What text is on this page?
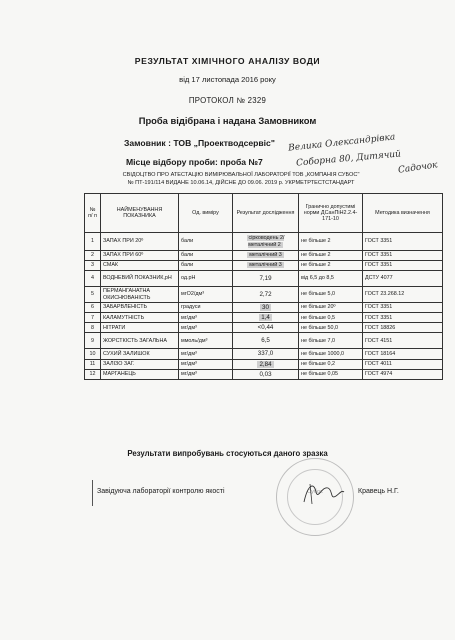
РЕЗУЛЬТАТ ХІМІЧНОГО АНАЛІЗУ ВОДИ
від 17 листопада 2016 року
ПРОТОКОЛ № 2329
Проба відібрана і надана Замовником
Замовник : ТОВ „Проектводсервіс"
Місце відбору проби: проба №7
Велика Олександрівка
Соборна 80, Дитячий
Садочок
СВІДОЦТВО ПРО АТЕСТАЦІЮ ВИМІРЮВАЛЬНОЇ ЛАБОРАТОРІЇ ТОВ „КОМПАНІЯ СУБОС"
№ ПТ-191/114 ВИДАНЕ 10.06.14, ДІЙСНЕ ДО 09.06. 2019 р. УКРМЕТРТЕСТСТАНДАРТ
№ п/ п	НАЙМЕНУВАННЯ ПОКАЗНИКА	Од. виміру	Результат дослідження	Гранично допустимі норми ДСанПіН2.2.4-171-10	Методика визначення
1	ЗАПАХ ПРИ 20º	бали	сірководень 2/ металічний 2	не більше 2	ГОСТ 3351
2	ЗАПАХ ПРИ 60º	бали	металічний 3	не більше 2	ГОСТ 3351
3	СМАК	бали	металічний 3	не більше 2	ГОСТ 3351
4	ВОДНЕВИЙ ПОКАЗНИК,pH	од.pH	7,19	від 6,5 до 8,5	ДСТУ 4077
5	ПЕРМАНГАНАТНА ОКИСНЮВАНІСТЬ	мгО2/дм³	2,72	не більше 5,0	ГОСТ 23.268.12
6	ЗАБАРВЛЕНІСТЬ	градуси	30	не більше 20º	ГОСТ 3351
7	КАЛАМУТНІСТЬ	мг/дм³	1,4	не більше 0,5	ГОСТ 3351
8	НІТРАТИ	мг/дм³	<0,44	не більше 50,0	ГОСТ 18826
9	ЖОРСТКІСТЬ ЗАГАЛЬНА	ммоль/дм³	6,5	не більше 7,0	ГОСТ 4151
10	СУХИЙ ЗАЛИШОК	мг/дм³	337,0	не більше 1000,0	ГОСТ 18164
11	ЗАЛІЗО ЗАГ.	мг/дм³	2,84	не більше 0,2	ГОСТ 4011
12	МАРГАНЕЦЬ	мг/дм³	0,03	не більше 0,05	ГОСТ 4974
Результати випробувань стосуються даного зразка
Субос
Завідуюча лабораторії контролю якості	Кравець Н.Г.
